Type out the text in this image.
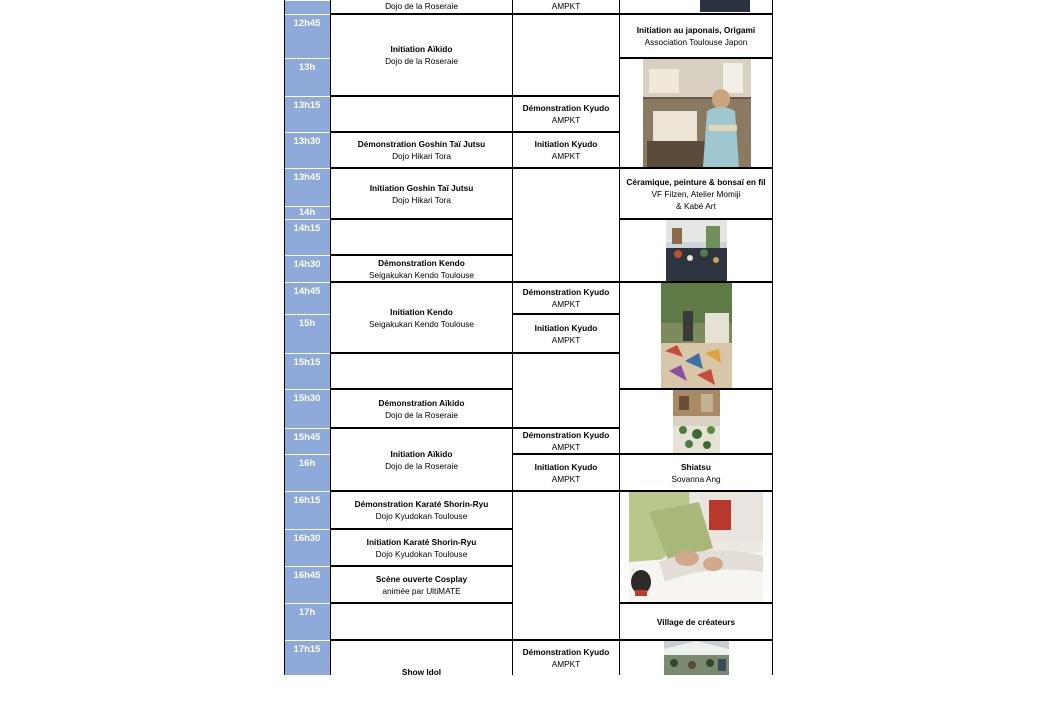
12h45
13h
13h15
13h30
13h45
14h
14h15
14h30
14h45
15h
15h15
15h30
15h45
16h
16h15
16h30
16h45
17h
17h15
Dojo de la Roseraie
Initiation Aïkido
Dojo de la Roseraie
Démonstration Goshin Taï Jutsu
Dojo Hikari Tora
Initiation Goshin Taï Jutsu
Dojo Hikari Tora
Démonstration Kendo
Seigakukan Kendo Toulouse
Initiation Kendo
Seigakukan Kendo Toulouse
Démonstration Aïkido
Dojo de la Roseraie
Initiation Aïkido
Dojo de la Roseraie
Démonstration Karaté Shorin-Ryu
Dojo Kyudokan Toulouse
Initiation Karaté Shorin-Ryu
Dojo Kyudokan Toulouse
Scène ouverte Cosplay
animée par UltiMATE
Show Idol
AMPKT
Démonstration Kyudo
AMPKT
Initiation Kyudo
AMPKT
Démonstration Kyudo
AMPKT
Initiation Kyudo
AMPKT
Démonstration Kyudo
AMPKT
Initiation Kyudo
AMPKT
Démonstration Kyudo
AMPKT
Initiation au japonais, Origami
Association Toulouse Japon
Céramique, peinture & bonsaï en fil
VF Filzen, Atelier Momiji
& Kabé Art
Shiatsu
Sovanna Ang
Village de créateurs
